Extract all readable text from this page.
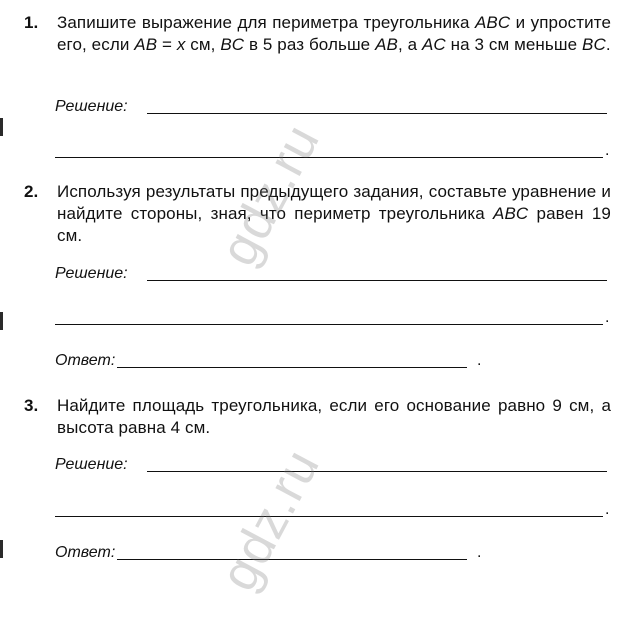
1.	Запишите выражение для периметра треугольника ABC и упростите его, если AB = x см, BC в 5 раз больше AB, а AC на 3 см меньше BC.
Решение:
.
2.	Используя результаты предыдущего задания, составьте уравнение и найдите стороны, зная, что периметр треугольника ABC равен 19 см.
Решение:
.
Ответ:	.
3.	Найдите площадь треугольника, если его основание равно 9 см, а высота равна 4 см.
Решение:
.
Ответ:	.
gdz.ru
gdz.ru
